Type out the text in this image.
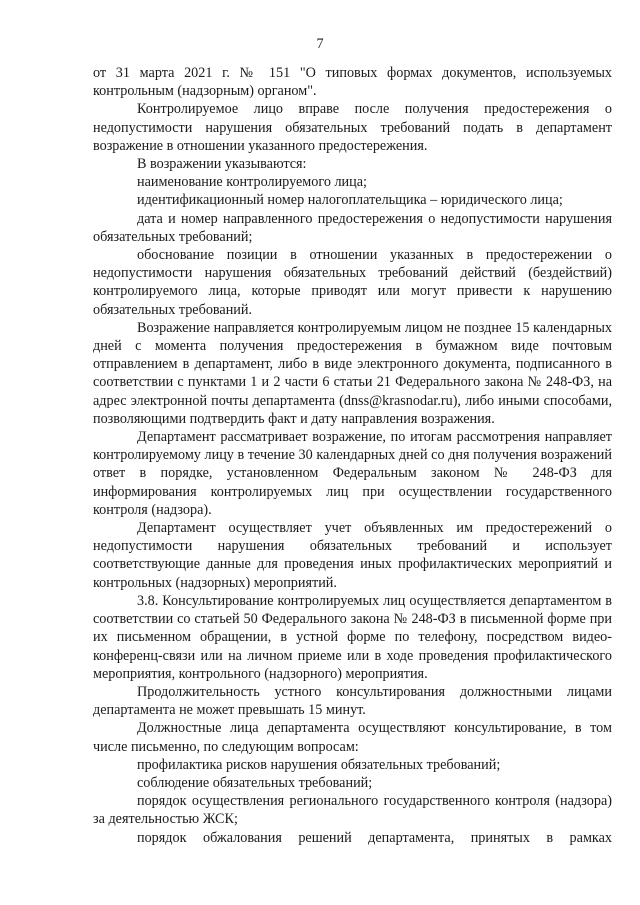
7

от 31 марта 2021 г. № 151 "О типовых формах документов, используемых контрольным (надзорным) органом".

Контролируемое лицо вправе после получения предостережения о недопустимости нарушения обязательных требований подать в департамент возражение в отношении указанного предостережения.

В возражении указываются:

наименование контролируемого лица;

идентификационный номер налогоплательщика – юридического лица;

дата и номер направленного предостережения о недопустимости нарушения обязательных требований;

обоснование позиции в отношении указанных в предостережении о недопустимости нарушения обязательных требований действий (бездействий) контролируемого лица, которые приводят или могут привести к нарушению обязательных требований.

Возражение направляется контролируемым лицом не позднее 15 календарных дней с момента получения предостережения в бумажном виде почтовым отправлением в департамент, либо в виде электронного документа, подписанного в соответствии с пунктами 1 и 2 части 6 статьи 21 Федерального закона № 248-ФЗ, на адрес электронной почты департамента (dnss@krasnodar.ru), либо иными способами, позволяющими подтвердить факт и дату направления возражения.

Департамент рассматривает возражение, по итогам рассмотрения направляет контролируемому лицу в течение 30 календарных дней со дня получения возражений ответ в порядке, установленном Федеральным законом № 248-ФЗ для информирования контролируемых лиц при осуществлении государственного контроля (надзора).

Департамент осуществляет учет объявленных им предостережений о недопустимости нарушения обязательных требований и использует соответствующие данные для проведения иных профилактических мероприятий и контрольных (надзорных) мероприятий.

3.8. Консультирование контролируемых лиц осуществляется департаментом в соответствии со статьей 50 Федерального закона № 248-ФЗ в письменной форме при их письменном обращении, в устной форме по телефону, посредством видео-конференц-связи или на личном приеме или в ходе проведения профилактического мероприятия, контрольного (надзорного) мероприятия.

Продолжительность устного консультирования должностными лицами департамента не может превышать 15 минут.

Должностные лица департамента осуществляют консультирование, в том числе письменно, по следующим вопросам:

профилактика рисков нарушения обязательных требований;

соблюдение обязательных требований;

порядок осуществления регионального государственного контроля (надзора) за деятельностью ЖСК;

порядок обжалования решений департамента, принятых в рамках
